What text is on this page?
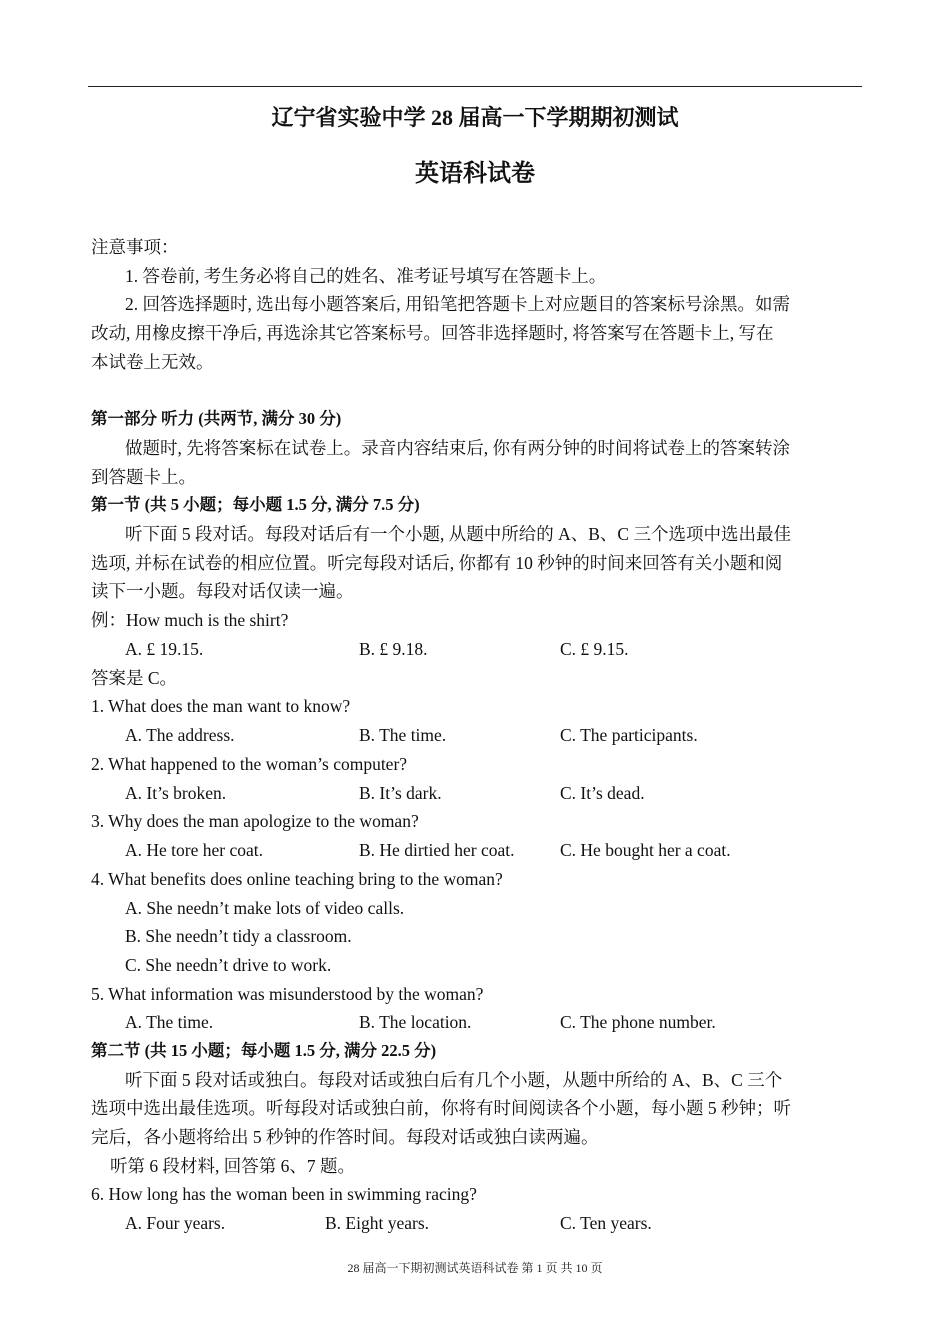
辽宁省实验中学 28 届高一下学期期初测试
英语科试卷
注意事项：
1. 答卷前, 考生务必将自己的姓名、准考证号填写在答题卡上。
2. 回答选择题时, 选出每小题答案后, 用铅笔把答题卡上对应题目的答案标号涂黑。如需
改动, 用橡皮擦干净后, 再选涂其它答案标号。回答非选择题时, 将答案写在答题卡上, 写在
本试卷上无效。
第一部分 听力 (共两节, 满分 30 分)
做题时, 先将答案标在试卷上。录音内容结束后, 你有两分钟的时间将试卷上的答案转涂
到答题卡上。
第一节 (共 5 小题；每小题 1.5 分, 满分 7.5 分)
听下面 5 段对话。每段对话后有一个小题, 从题中所给的 A、B、C 三个选项中选出最佳
选项, 并标在试卷的相应位置。听完每段对话后, 你都有 10 秒钟的时间来回答有关小题和阅
读下一小题。每段对话仅读一遍。
例：How much is the shirt?
A. £ 19.15.	B. £ 9.18.	C. £ 9.15.
答案是 C。
1. What does the man want to know?
A. The address.	B. The time.	C. The participants.
2. What happened to the woman’s computer?
A. It’s broken.	B. It’s dark.	C. It’s dead.
3. Why does the man apologize to the woman?
A. He tore her coat.	B. He dirtied her coat.	C. He bought her a coat.
4. What benefits does online teaching bring to the woman?
A. She needn’t make lots of video calls.
B. She needn’t tidy a classroom.
C. She needn’t drive to work.
5. What information was misunderstood by the woman?
A. The time.	B. The location.	C. The phone number.
第二节 (共 15 小题；每小题 1.5 分, 满分 22.5 分)
听下面 5 段对话或独白。每段对话或独白后有几个小题，从题中所给的 A、B、C 三个
选项中选出最佳选项。听每段对话或独白前，你将有时间阅读各个小题，每小题 5 秒钟；听
完后，各小题将给出 5 秒钟的作答时间。每段对话或独白读两遍。
听第 6 段材料, 回答第 6、7 题。
6. How long has the woman been in swimming racing?
A. Four years.	B. Eight years.	C. Ten years.
28 届高一下期初测试英语科试卷 第 1 页 共 10 页
